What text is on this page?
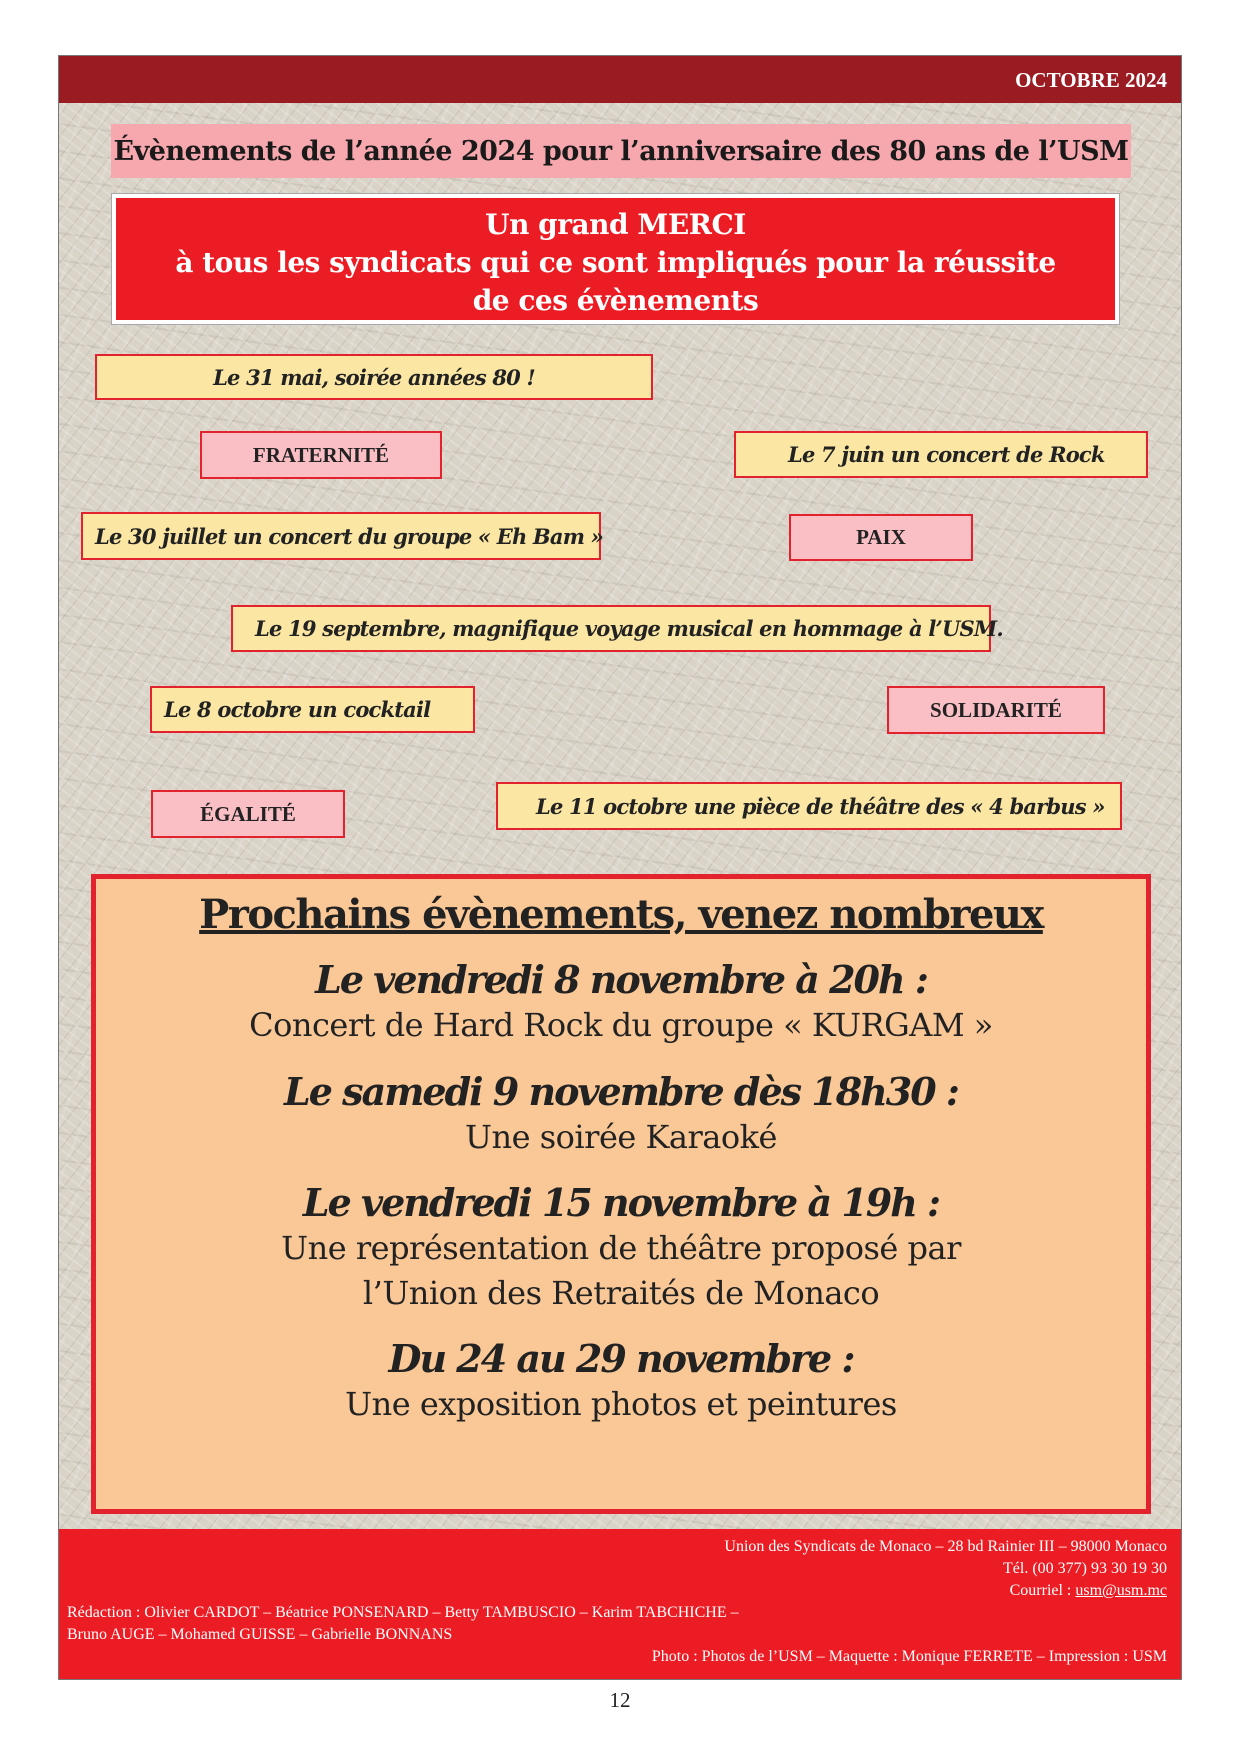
OCTOBRE 2024
Évènements de l’année 2024 pour l’anniversaire des 80 ans de l’USM
Un grand MERCI
à tous les syndicats qui ce sont impliqués pour la réussite
de ces évènements
Le 31 mai, soirée années 80 !
FRATERNITÉ	Le 7 juin un concert de Rock
Le 30 juillet un concert du groupe « Eh Bam »	PAIX
Le 19 septembre, magnifique voyage musical en hommage à l’USM.
Le 8 octobre un cocktail	SOLIDARITÉ
ÉGALITÉ	Le 11 octobre une pièce de théâtre des « 4 barbus »
Prochains évènements, venez nombreux
Le vendredi 8 novembre à 20h :
Concert de Hard Rock du groupe « KURGAM »
Le samedi 9 novembre dès 18h30 :
Une soirée Karaoké
Le vendredi 15 novembre à 19h :
Une représentation de théâtre proposé par
l’Union des Retraités de Monaco
Du 24 au 29 novembre :
Une exposition photos et peintures
Union des Syndicats de Monaco – 28 bd Rainier III – 98000 Monaco
Tél. (00 377) 93 30 19 30
Courriel : usm@usm.mc
Rédaction : Olivier CARDOT – Béatrice PONSENARD – Betty TAMBUSCIO – Karim TABCHICHE –
Bruno AUGE – Mohamed GUISSE – Gabrielle BONNANS
Photo : Photos de l’USM – Maquette : Monique FERRETE – Impression : USM
12
